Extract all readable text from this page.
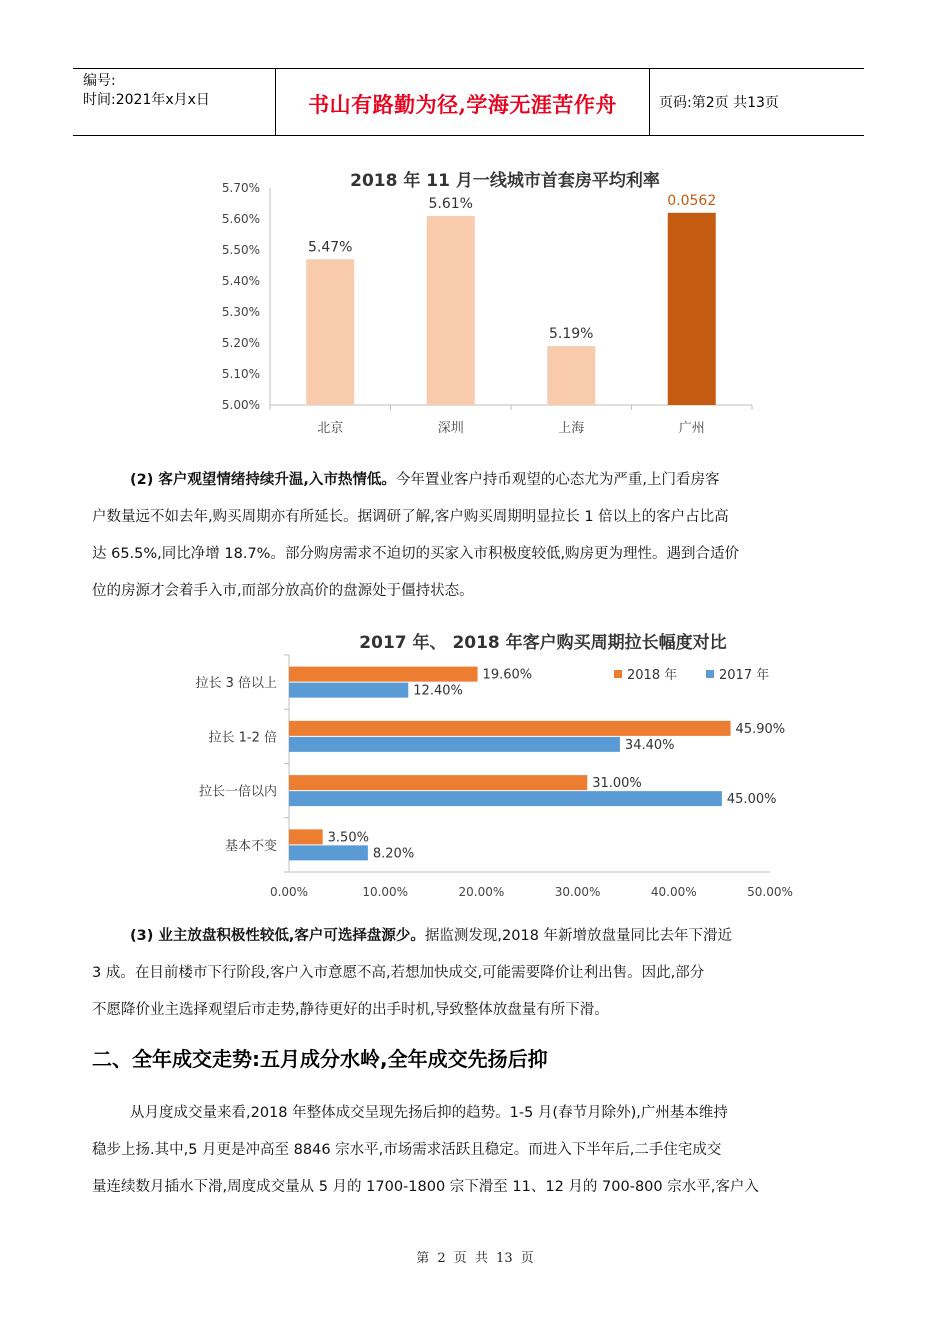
编号:
时间:2021年x月x日	书山有路勤为径,学海无涯苦作舟	页码:第2页 共13页
2018 年 11 月一线城市首套房平均利率
5.00%
5.10%
5.20%
5.30%
5.40%
5.50%
5.60%
5.70%
5.47%
北京
5.61%
深圳
5.19%
上海
0.0562
广州

(2) 客户观望情绪持续升温,入市热情低。今年置业客户持币观望的心态尤为严重,上门看房客

户数量远不如去年,购买周期亦有所延长。据调研了解,客户购买周期明显拉长 1 倍以上的客户占比高

达 65.5%,同比净增 18.7%。部分购房需求不迫切的买家入市积极度较低,购房更为理性。遇到合适价

位的房源才会着手入市,而部分放高价的盘源处于僵持状态。

2017 年、 2018 年客户购买周期拉长幅度对比
0.00%	10.00%	20.00%	30.00%	40.00%	50.00%
拉长 3 倍以上
19.60%
12.40%
拉长 1-2 倍
45.90%
34.40%
拉长一倍以内
31.00%
45.00%
基本不变
3.50%
8.20%
2018 年	2017 年

(3) 业主放盘积极性较低,客户可选择盘源少。据监测发现,2018 年新增放盘量同比去年下滑近

3 成。在目前楼市下行阶段,客户入市意愿不高,若想加快成交,可能需要降价让利出售。因此,部分

不愿降价业主选择观望后市走势,静待更好的出手时机,导致整体放盘量有所下滑。

二、全年成交走势:五月成分水岭,全年成交先扬后抑

从月度成交量来看,2018 年整体成交呈现先扬后抑的趋势。1-5 月(春节月除外),广州基本维持

稳步上扬.其中,5 月更是冲高至 8846 宗水平,市场需求活跃且稳定。而进入下半年后,二手住宅成交

量连续数月插水下滑,周度成交量从 5 月的 1700-1800 宗下滑至 11、12 月的 700-800 宗水平,客户入

第 2 页 共 13 页
